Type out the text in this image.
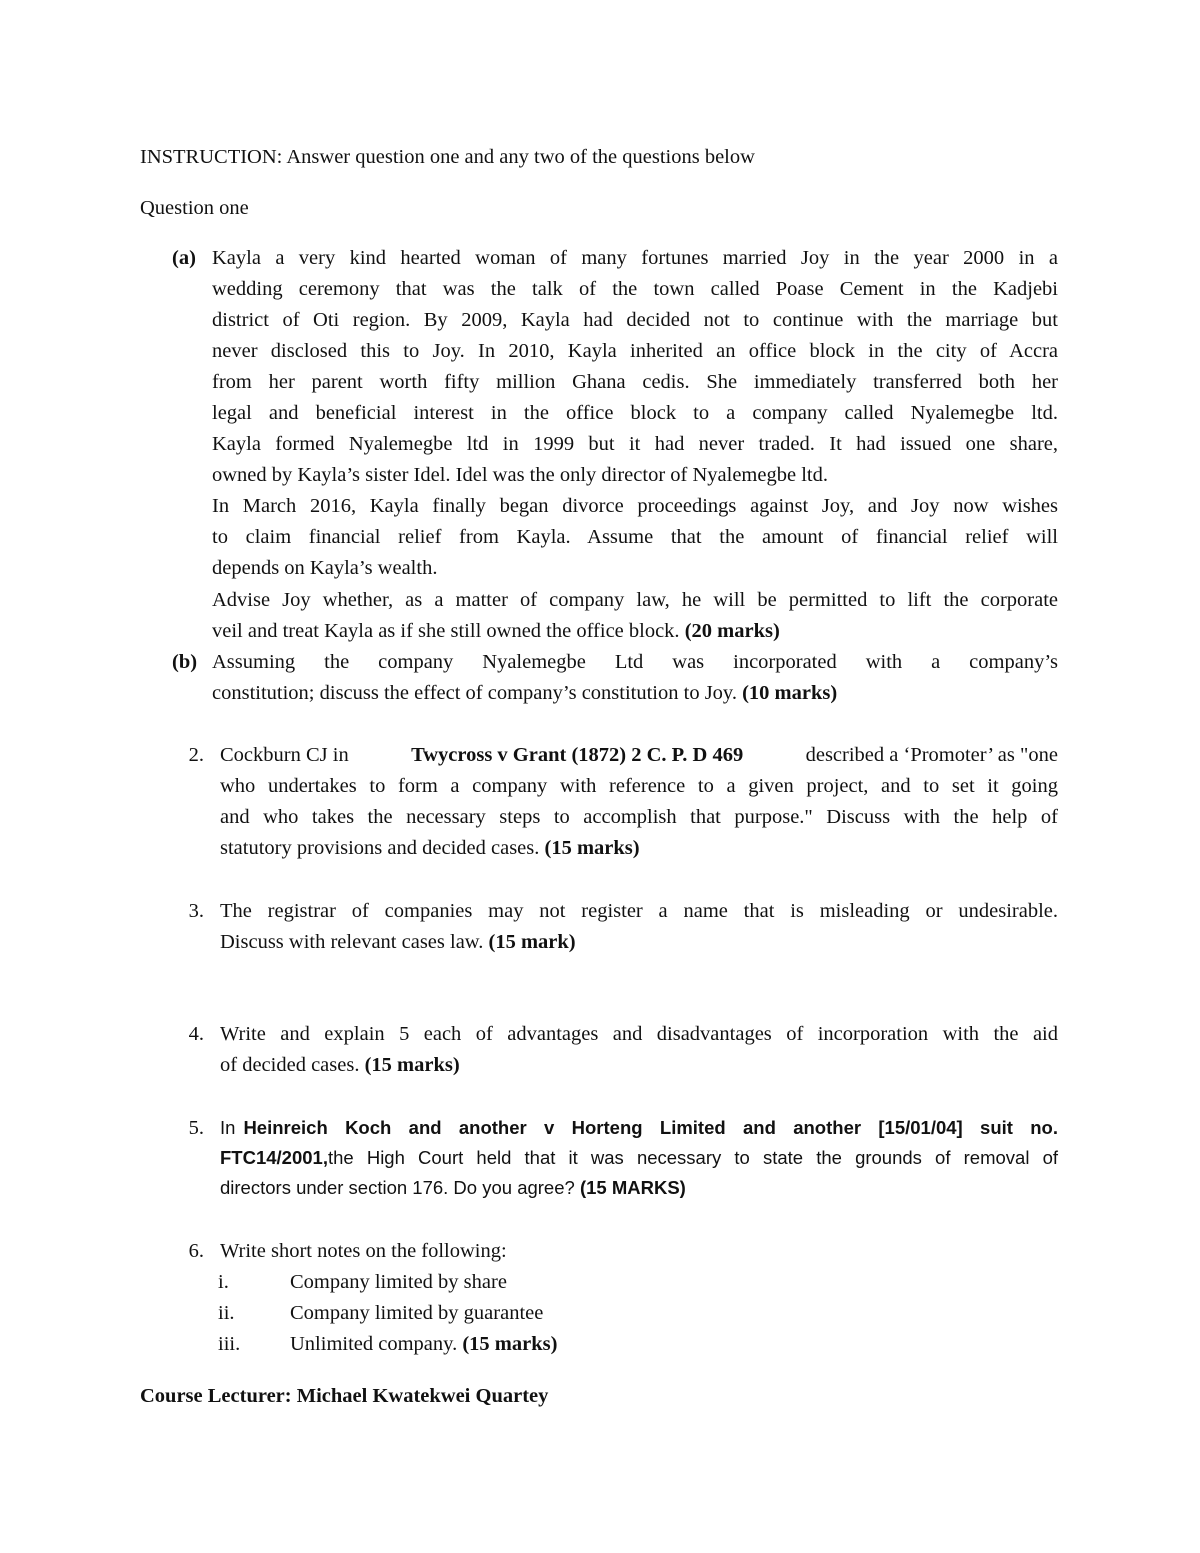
INSTRUCTION: Answer question one and any two of the questions below
Question one
(a) Kayla a very kind hearted woman of many fortunes married Joy in the year 2000 in a
wedding ceremony that was the talk of the town called Poase Cement in the Kadjebi
district of Oti region. By 2009, Kayla had decided not to continue with the marriage but
never disclosed this to Joy. In 2010, Kayla inherited an office block in the city of Accra
from her parent worth fifty million Ghana cedis. She immediately transferred both her
legal and beneficial interest in the office block to a company called Nyalemegbe ltd.
Kayla formed Nyalemegbe ltd in 1999 but it had never traded. It had issued one share,
owned by Kayla’s sister Idel. Idel was the only director of Nyalemegbe ltd.
In March 2016, Kayla finally began divorce proceedings against Joy, and Joy now wishes
to claim financial relief from Kayla. Assume that the amount of financial relief will
depends on Kayla’s wealth.
Advise Joy whether, as a matter of company law, he will be permitted to lift the corporate
veil and treat Kayla as if she still owned the office block. (20 marks)
(b) Assuming the company Nyalemegbe Ltd was incorporated with a company’s
constitution; discuss the effect of company’s constitution to Joy. (10 marks)
2. Cockburn CJ in	Twycross v Grant (1872) 2 C. P. D 469	described a ‘Promoter’ as "one
who undertakes to form a company with reference to a given project, and to set it going
and who takes the necessary steps to accomplish that purpose." Discuss with the help of
statutory provisions and decided cases. (15 marks)
3. The registrar of companies may not register a name that is misleading or undesirable.
Discuss with relevant cases law. (15 mark)
4. Write and explain 5 each of advantages and disadvantages of incorporation with the aid
of decided cases. (15 marks)
5. In Heinreich Koch and another v Horteng Limited and another [15/01/04] suit no.
FTC14/2001, the High Court held that it was necessary to state the grounds of removal of
directors under section 176. Do you agree? (15 MARKS)
6. Write short notes on the following:
i.	Company limited by share
ii.	Company limited by guarantee
iii. Unlimited company. (15 marks)
Course Lecturer: Michael Kwatekwei Quartey
